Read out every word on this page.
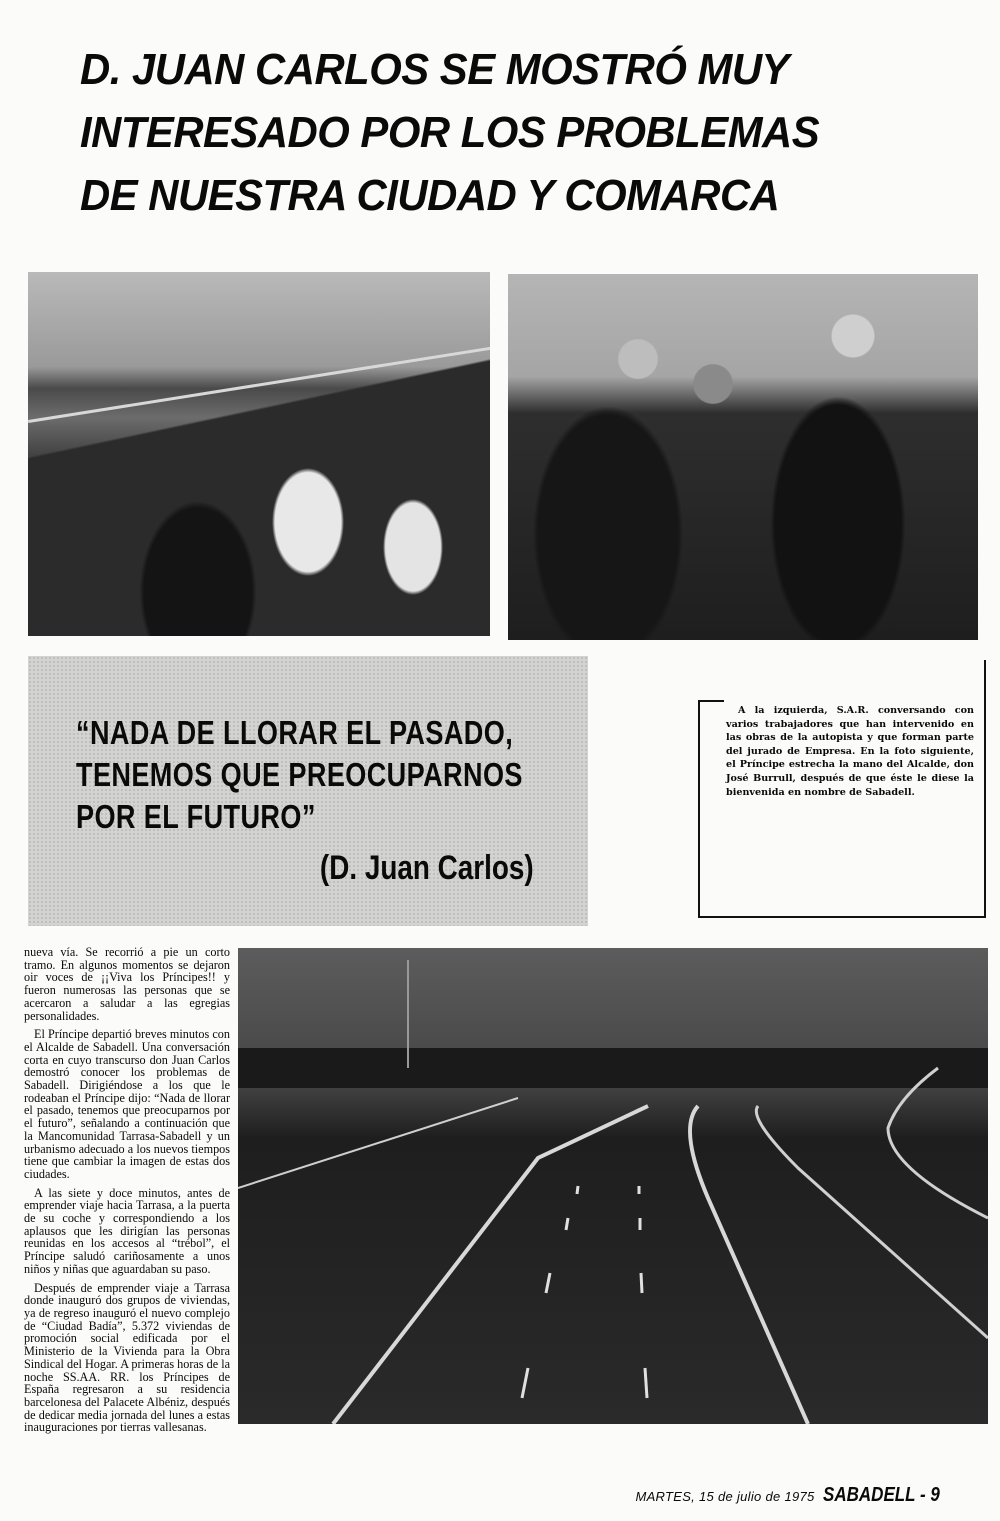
D. JUAN CARLOS SE MOSTRÓ MUY
INTERESADO POR LOS PROBLEMAS
DE NUESTRA CIUDAD Y COMARCA
“NADA DE LLORAR EL PASADO,
TENEMOS QUE PREOCUPARNOS
POR EL FUTURO”
(D. Juan Carlos)

A la izquierda, S.A.R. conversando con varios trabajadores que han intervenido en las obras de la autopista y que forman parte del jurado de Empresa. En la foto siguiente, el Príncipe estrecha la mano del Alcalde, don José Burrull, después de que éste le diese la bienvenida en nombre de Sabadell.

nueva vía. Se recorrió a pie un corto tramo. En algunos momentos se dejaron oir voces de ¡¡Viva los Príncipes!! y fueron numerosas las personas que se acercaron a saludar a las egregias personalidades.

El Príncipe departió breves minutos con el Alcalde de Sabadell. Una conversación corta en cuyo transcurso don Juan Carlos demostró conocer los problemas de Sabadell. Dirigiéndose a los que le rodeaban el Príncipe dijo: “Nada de llorar el pasado, tenemos que preocuparnos por el futuro”, señalando a continuación que la Mancomunidad Tarrasa-Sabadell y un urbanismo adecuado a los nuevos tiempos tiene que cambiar la imagen de estas dos ciudades.

A las siete y doce minutos, antes de emprender viaje hacia Tarrasa, a la puerta de su coche y correspondiendo a los aplausos que les dirigían las personas reunidas en los accesos al “trébol”, el Príncipe saludó cariñosamente a unos niños y niñas que aguardaban su paso.

Después de emprender viaje a Tarrasa donde inauguró dos grupos de viviendas, ya de regreso inauguró el nuevo complejo de “Ciudad Badía”, 5.372 viviendas de promoción social edificada por el Ministerio de la Vivienda para la Obra Sindical del Hogar. A primeras horas de la noche SS.AA. RR. los Príncipes de España regresaron a su residencia barcelonesa del Palacete Albéniz, después de dedicar media jornada del lunes a estas inauguraciones por tierras vallesanas.

MARTES, 15 de julio de 1975 SABADELL - 9
